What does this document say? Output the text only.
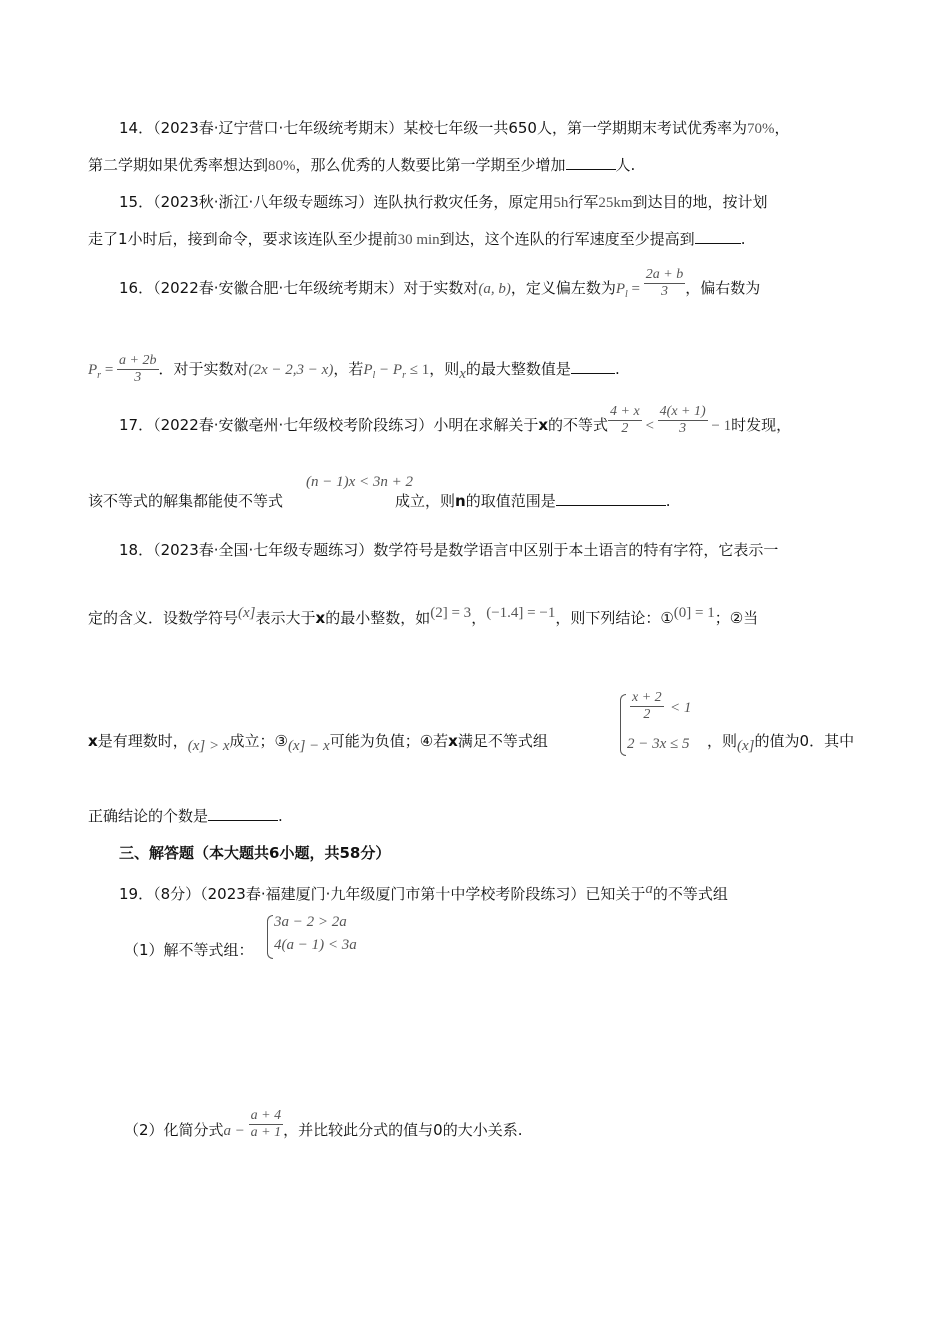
14．（2023春·辽宁营口·七年级统考期末）某校七年级一共650人，第一学期期末考试优秀率为70%，
第二学期如果优秀率想达到80%，那么优秀的人数要比第一学期至少增加	人.
15．（2023秋·浙江·八年级专题练习）连队执行救灾任务，原定用5h行军25km到达目的地，按计划
走了1小时后，接到命令，要求该连队至少提前30 min到达，这个连队的行军速度至少提高到	.
16．（2022春·安徽合肥·七年级统考期末）对于实数对(a, b)，定义偏左数为$P_l = \frac{2a + b}{3}$ ，偏右数为
$P_r = \frac{a + 2b}{3}$ ．对于实数对(2x − 2,3 − x)，若$P_l - P_r \le 1$，则$_x$的最大整数值是	.
17．（2022春·安徽亳州·七年级校考阶段练习）小明在求解关于x的不等式 $\frac{4 + x}{2} < \frac{4(x + 1)}{3} - 1$时发现，
(n − 1)x < 3n + 2
该不等式的解集都能使不等式	成立，则n的取值范围是	.
18．（2023春·全国·七年级专题练习）数学符号是数学语言中区别于本土语言的特有字符，它表示一
定的含义．设数学符号$^{(x]}$表示大于x的最小整数，如$^{(2] = 3}$，$^{(-1.4] = -1}$，则下列结论：①$^{(0] = 1}$；②当
$\frac{x + 2}{2} < 1$
2 − 3x ≤ 5
x是有理数时，$_{(x] > x}$成立；$③_{(x] - x}$可能为负值；④若x满足不等式组	，则$_{(x]}$的值为0．其中
正确结论的个数是	.
三、解答题（本大题共6小题，共58分）
19．（8分）（2023春·福建厦门·九年级厦门市第十中学校考阶段练习）已知关于$^a$的不等式组
（1）解不等式组：
3a − 2 > 2a
4(a − 1) < 3a
（2）化简分式$a - \frac{a + 4}{a + 1}$ ，并比较此分式的值与0的大小关系.
